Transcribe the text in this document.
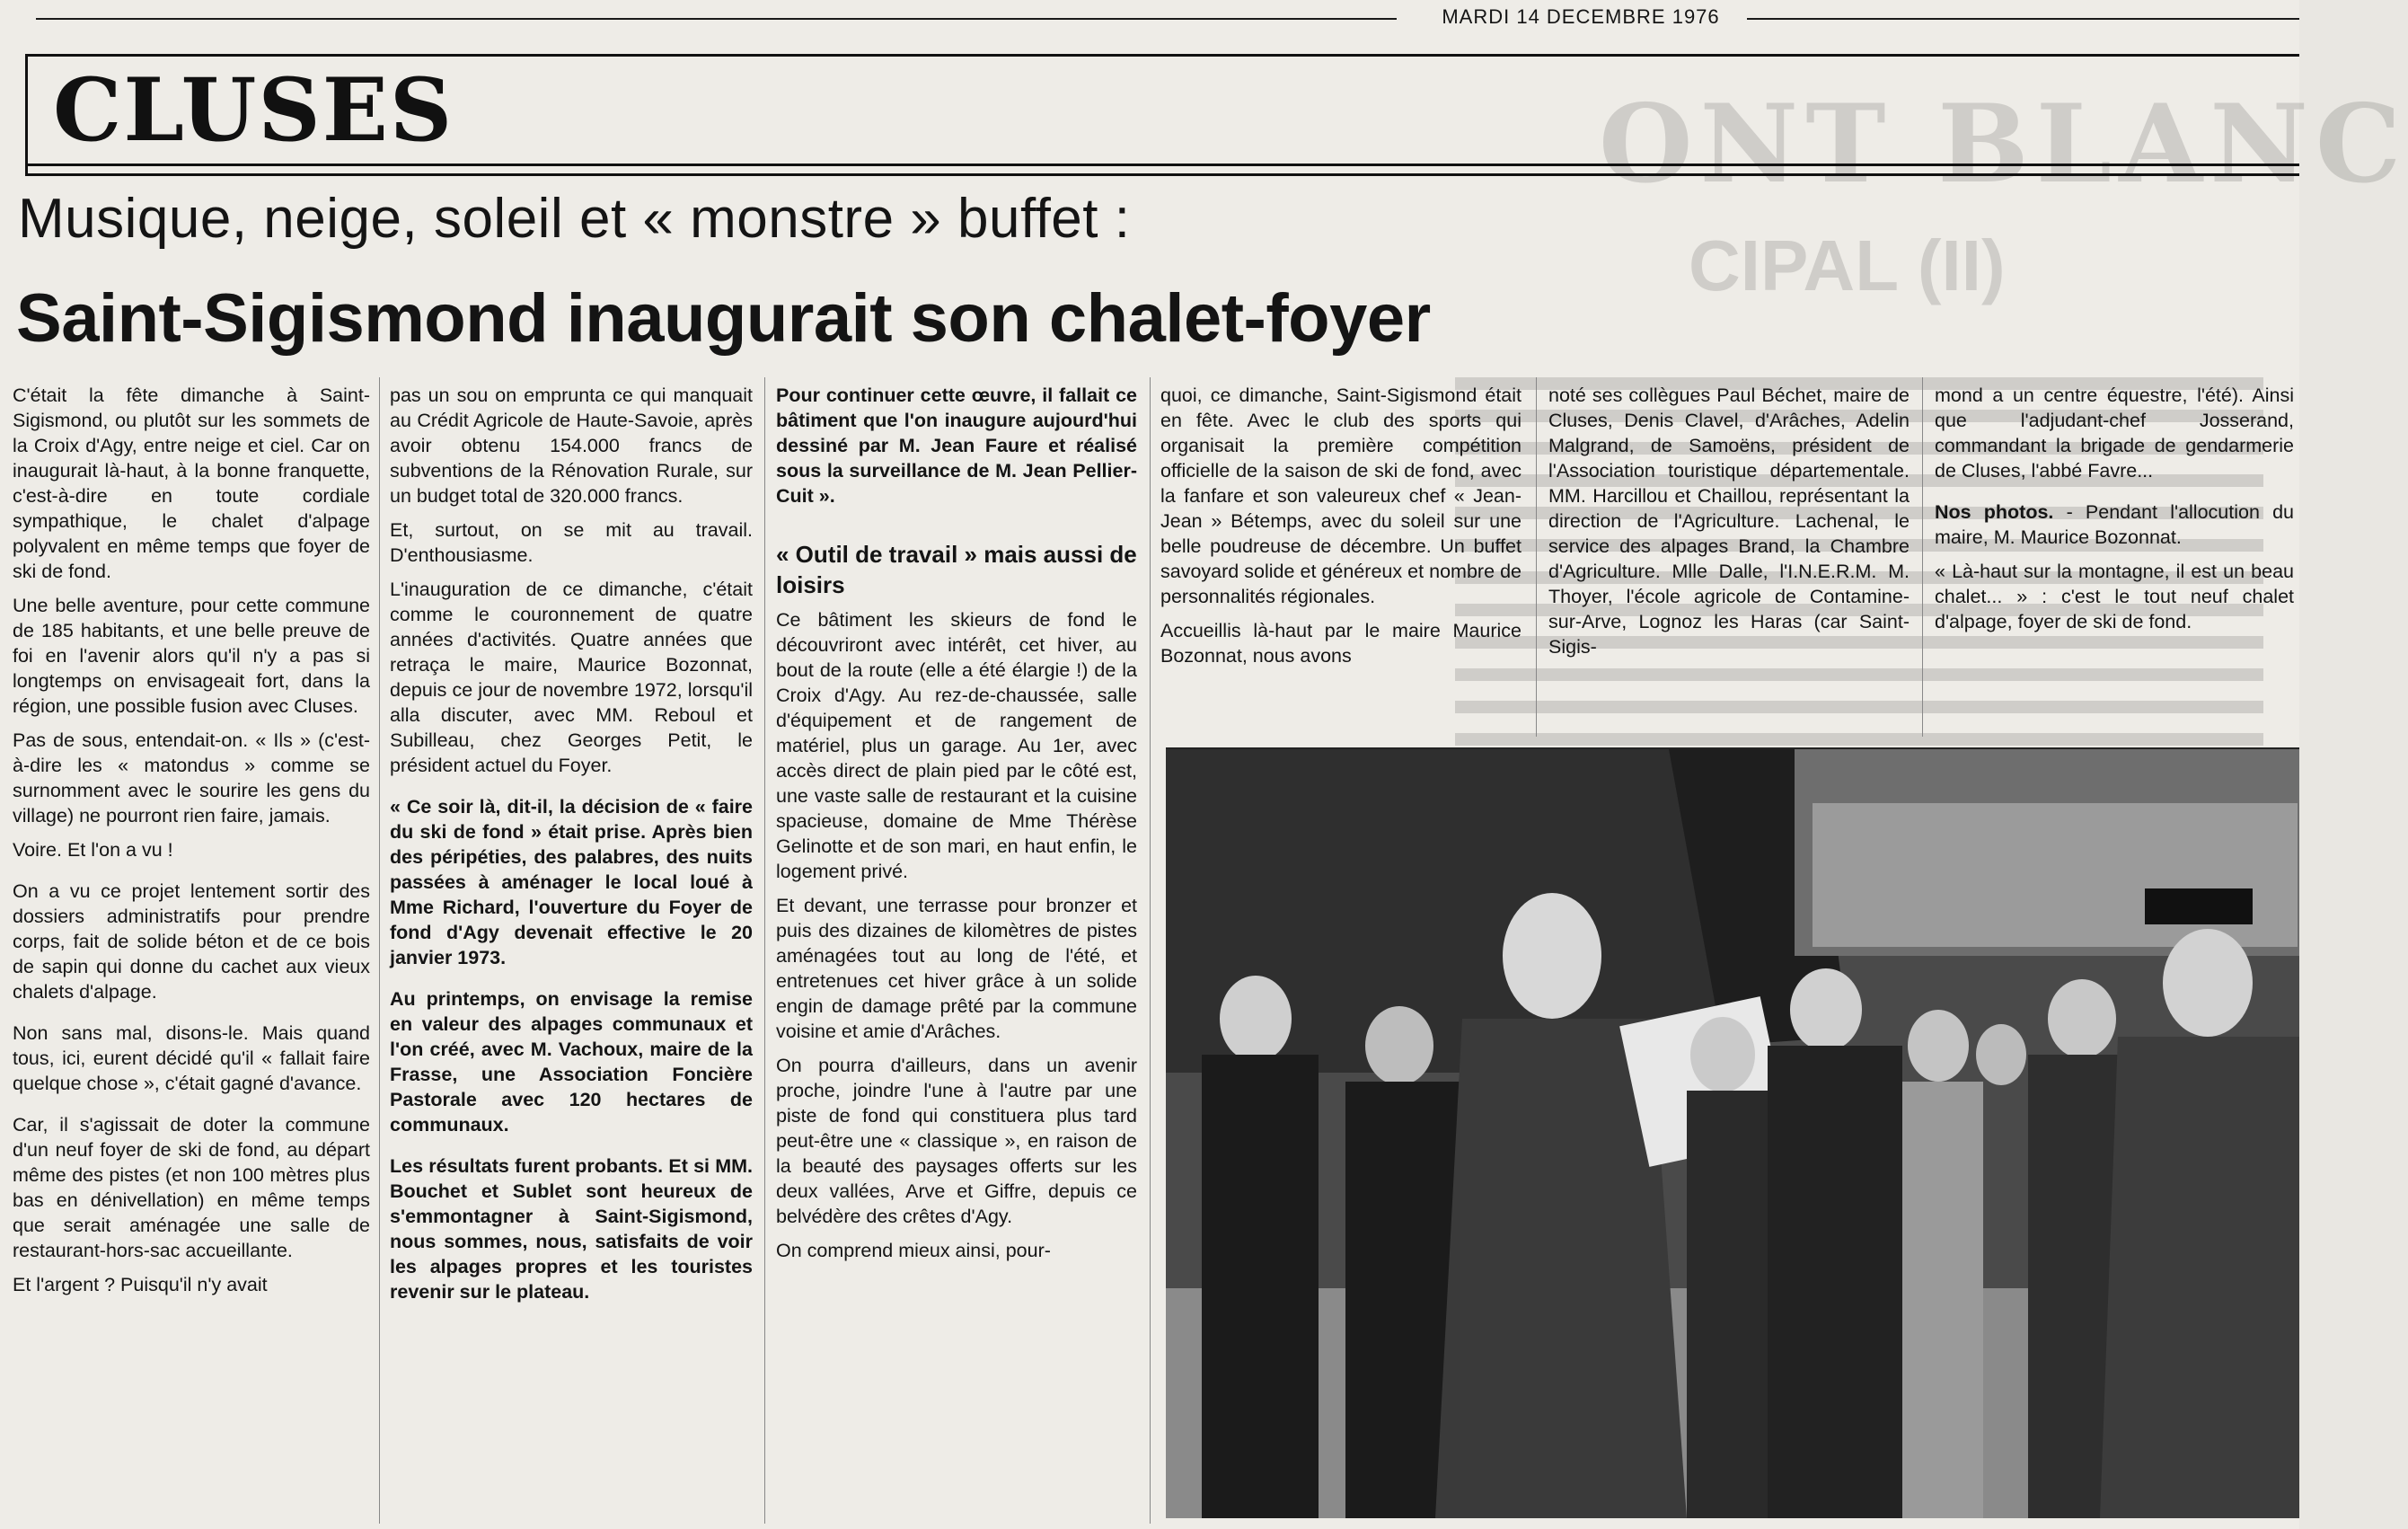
ONT BLANC
CIPAL (II)
MARDI 14 DECEMBRE 1976
CLUSES
Musique, neige, soleil et « monstre » buffet :
Saint-Sigismond inaugurait son chalet-foyer

C'était la fête dimanche à Saint-Sigismond, ou plutôt sur les sommets de la Croix d'Agy, entre neige et ciel. Car on inaugurait là-haut, à la bonne franquette, c'est-à-dire en toute cordiale sympathique, le chalet d'alpage polyvalent en même temps que foyer de ski de fond.

Une belle aventure, pour cette commune de 185 habitants, et une belle preuve de foi en l'avenir alors qu'il n'y a pas si longtemps on envisageait fort, dans la région, une possible fusion avec Cluses.

Pas de sous, entendait-on. « Ils » (c'est-à-dire les « matondus » comme se surnomment avec le sourire les gens du village) ne pourront rien faire, jamais.

Voire. Et l'on a vu !

On a vu ce projet lentement sortir des dossiers administratifs pour prendre corps, fait de solide béton et de ce bois de sapin qui donne du cachet aux vieux chalets d'alpage.

Non sans mal, disons-le. Mais quand tous, ici, eurent décidé qu'il « fallait faire quelque chose », c'était gagné d'avance.

Car, il s'agissait de doter la commune d'un neuf foyer de ski de fond, au départ même des pistes (et non 100 mètres plus bas en dénivellation) en même temps que serait aménagée une salle de restaurant-hors-sac accueillante.

Et l'argent ? Puisqu'il n'y avait

pas un sou on emprunta ce qui manquait au Crédit Agricole de Haute-Savoie, après avoir obtenu 154.000 francs de subventions de la Rénovation Rurale, sur un budget total de 320.000 francs.

Et, surtout, on se mit au travail. D'enthousiasme.

L'inauguration de ce dimanche, c'était comme le couronnement de quatre années d'activités. Quatre années que retraça le maire, Maurice Bozonnat, depuis ce jour de novembre 1972, lorsqu'il alla discuter, avec MM. Reboul et Subilleau, chez Georges Petit, le président actuel du Foyer.

« Ce soir là, dit-il, la décision de « faire du ski de fond » était prise. Après bien des péripéties, des palabres, des nuits passées à aménager le local loué à Mme Richard, l'ouverture du Foyer de fond d'Agy devenait effective le 20 janvier 1973.

Au printemps, on envisage la remise en valeur des alpages communaux et l'on créé, avec M. Vachoux, maire de la Frasse, une Association Foncière Pastorale avec 120 hectares de communaux.

Les résultats furent probants. Et si MM. Bouchet et Sublet sont heureux de s'emmontagner à Saint-Sigismond, nous sommes, nous, satisfaits de voir les alpages propres et les touristes revenir sur le plateau.

Pour continuer cette œuvre, il fallait ce bâtiment que l'on inaugure aujourd'hui dessiné par M. Jean Faure et réalisé sous la surveillance de M. Jean Pellier-Cuit ».

« Outil de travail » mais aussi de loisirs

Ce bâtiment les skieurs de fond le découvriront avec intérêt, cet hiver, au bout de la route (elle a été élargie !) de la Croix d'Agy. Au rez-de-chaussée, salle d'équipement et de rangement de matériel, plus un garage. Au 1er, avec accès direct de plain pied par le côté est, une vaste salle de restaurant et la cuisine spacieuse, domaine de Mme Thérèse Gelinotte et de son mari, en haut enfin, le logement privé.

Et devant, une terrasse pour bronzer et puis des dizaines de kilomètres de pistes aménagées tout au long de l'été, et entretenues cet hiver grâce à un solide engin de damage prêté par la commune voisine et amie d'Arâches.

On pourra d'ailleurs, dans un avenir proche, joindre l'une à l'autre par une piste de fond qui constituera plus tard peut-être une « classique », en raison de la beauté des paysages offerts sur les deux vallées, Arve et Giffre, depuis ce belvédère des crêtes d'Agy.

On comprend mieux ainsi, pour-

quoi, ce dimanche, Saint-Sigismond était en fête. Avec le club des sports qui organisait la première compétition officielle de la saison de ski de fond, avec la fanfare et son valeureux chef « Jean-Jean » Bétemps, avec du soleil sur une belle poudreuse de décembre. Un buffet savoyard solide et généreux et nombre de personnalités régionales.

Accueillis là-haut par le maire Maurice Bozonnat, nous avons

noté ses collègues Paul Béchet, maire de Cluses, Denis Clavel, d'Arâches, Adelin Malgrand, de Samoëns, président de l'Association touristique départementale. MM. Harcillou et Chaillou, représentant la direction de l'Agriculture. Lachenal, le service des alpages Brand, la Chambre d'Agriculture. Mlle Dalle, l'I.N.E.R.M. M. Thoyer, l'école agricole de Contamine-sur-Arve, Lognoz les Haras (car Saint-Sigis-

mond a un centre équestre, l'été). Ainsi que l'adjudant-chef Josserand, commandant la brigade de gendarmerie de Cluses, l'abbé Favre...

Nos photos. - Pendant l'allocution du maire, M. Maurice Bozonnat.

« Là-haut sur la montagne, il est un beau chalet... » : c'est le tout neuf chalet d'alpage, foyer de ski de fond.
